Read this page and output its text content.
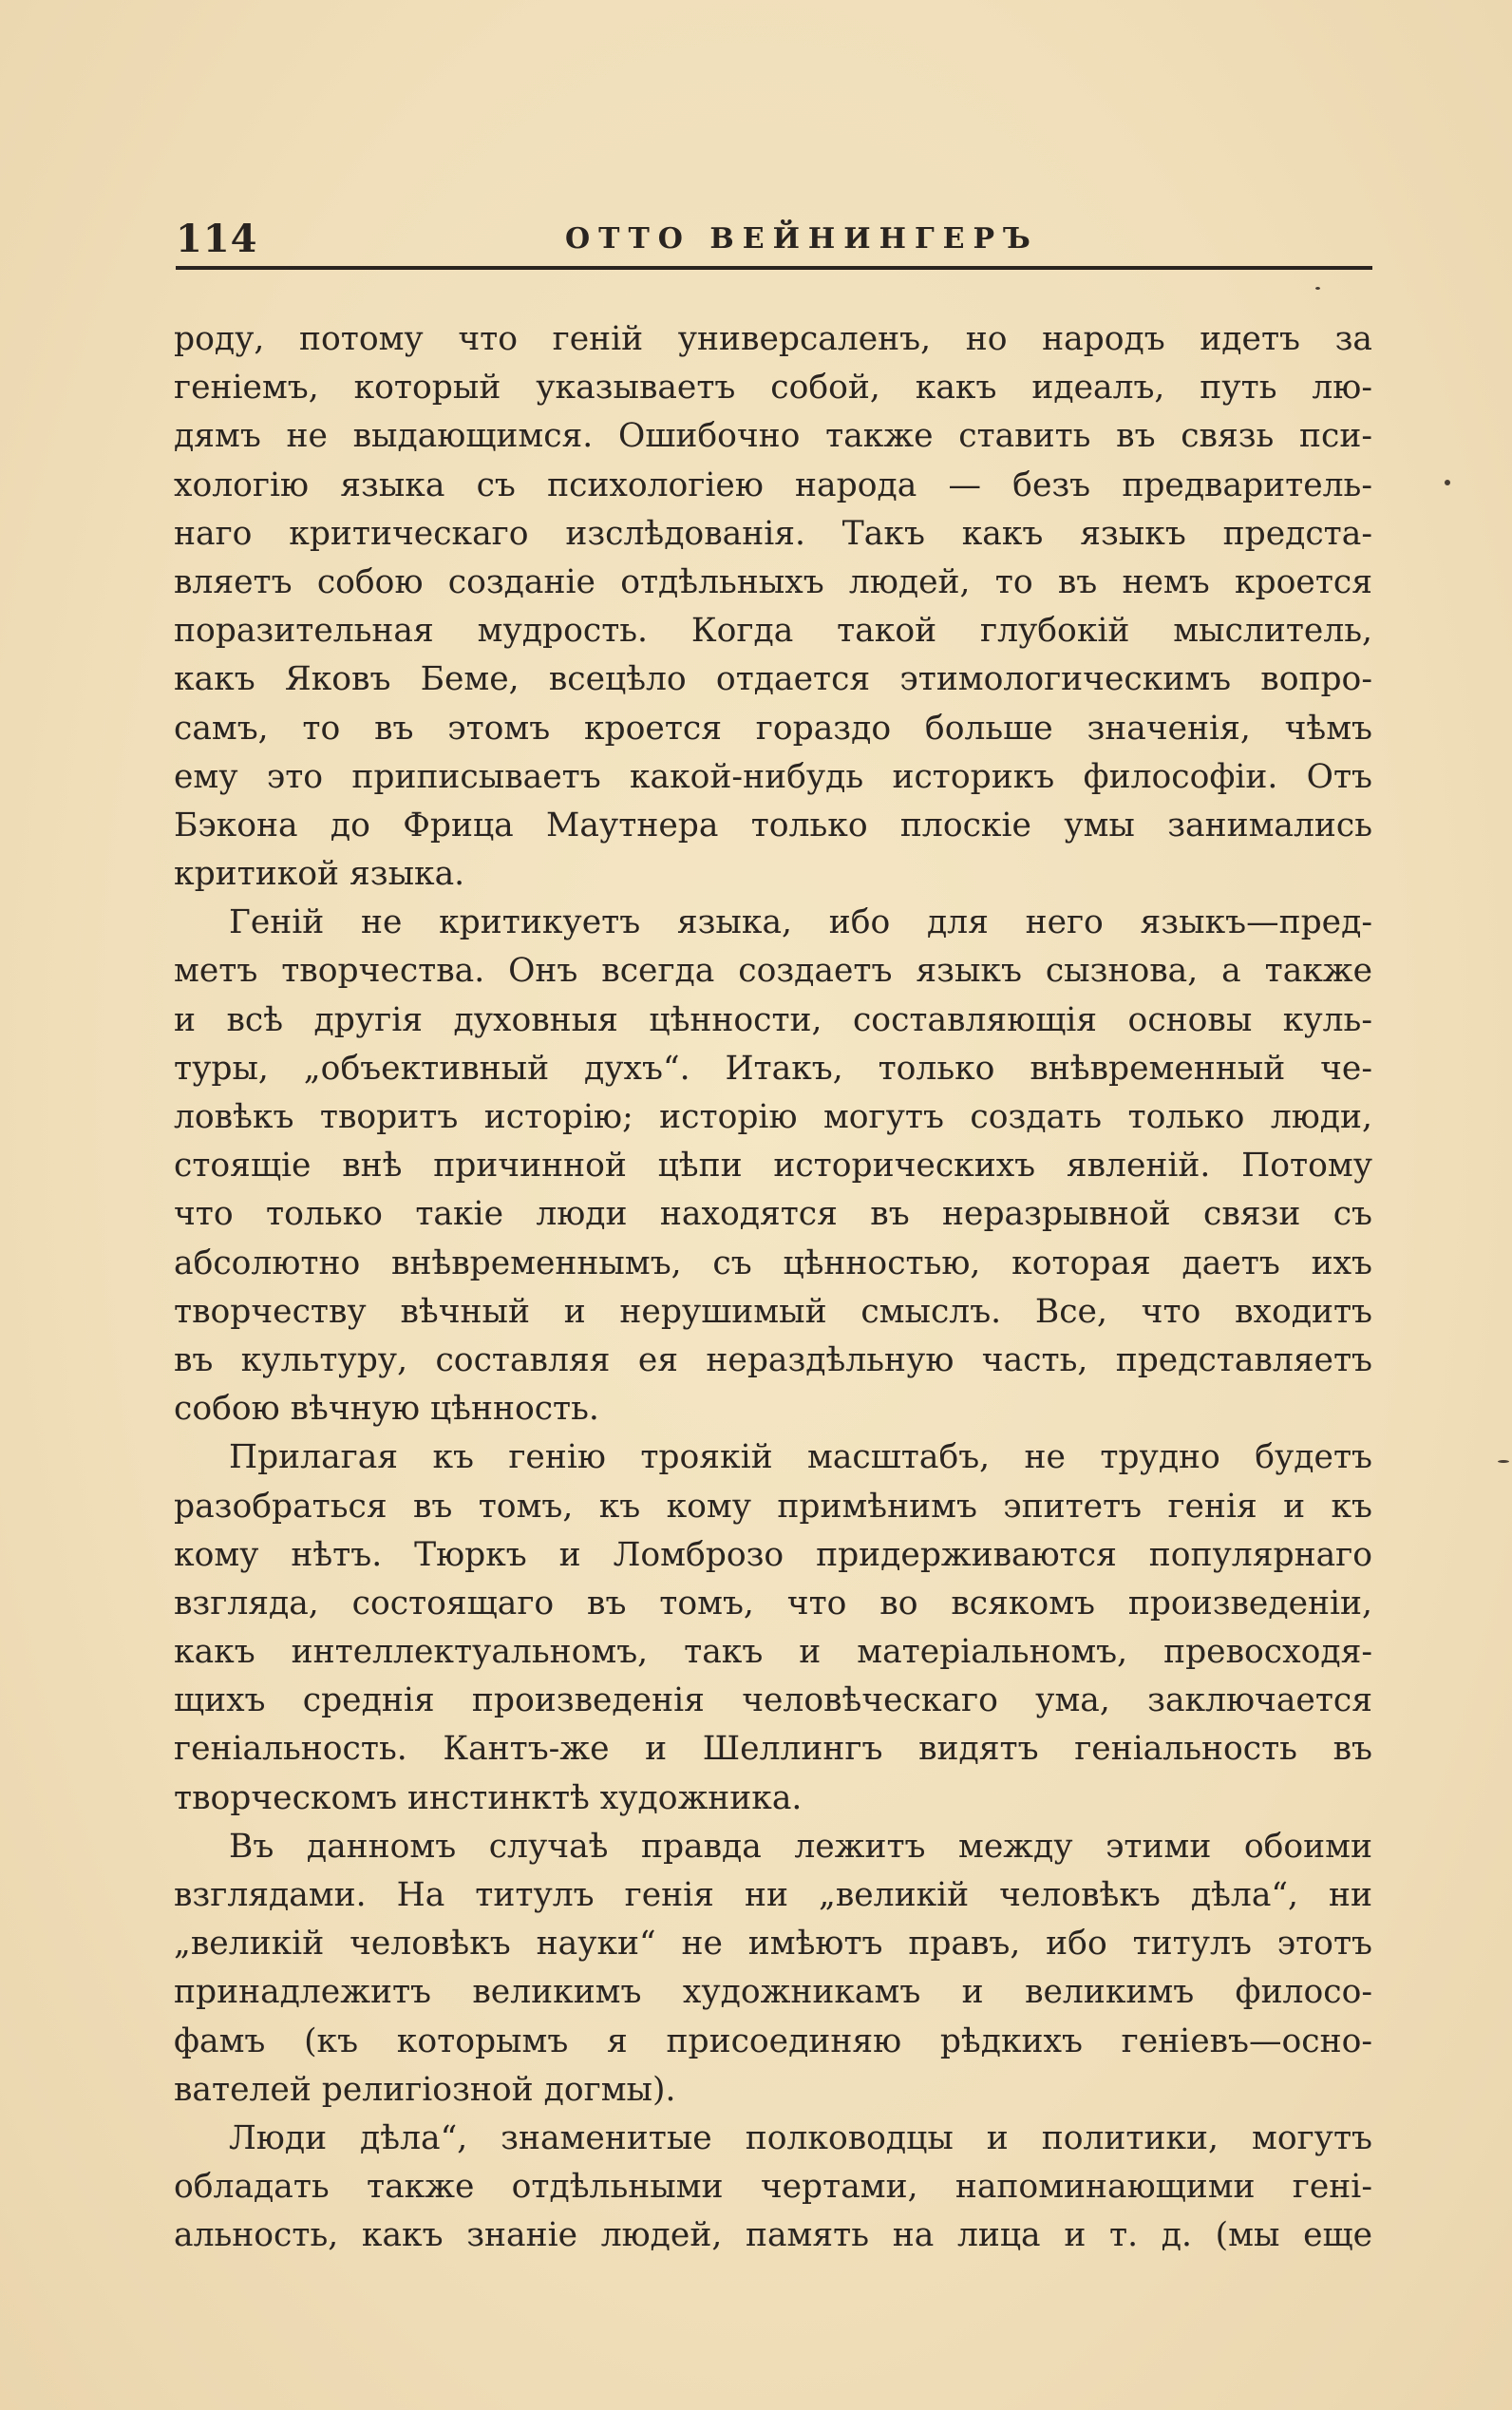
114	ОТТО ВЕЙНИНГЕРЪ
роду, потому что геній универсаленъ, но народъ идетъ за
геніемъ, который указываетъ собой, какъ идеалъ, путь лю-
дямъ не выдающимся. Ошибочно также ставить въ связь пси-
хологію языка съ психологіею народа — безъ предваритель-
наго критическаго изслѣдованія. Такъ какъ языкъ предста-
вляетъ собою созданіе отдѣльныхъ людей, то въ немъ кроется
поразительная мудрость. Когда такой глубокій мыслитель,
какъ Яковъ Беме, всецѣло отдается этимологическимъ вопро-
самъ, то въ этомъ кроется гораздо больше значенія, чѣмъ
ему это приписываетъ какой-нибудь историкъ философіи. Отъ
Бэкона до Фрица Маутнера только плоскіе умы занимались
критикой языка.
Геній не критикуетъ языка, ибо для него языкъ—пред-
метъ творчества. Онъ всегда создаетъ языкъ сызнова, а также
и всѣ другія духовныя цѣнности, составляющія основы куль-
туры, „объективный духъ“. Итакъ, только внѣвременный че-
ловѣкъ творитъ исторію; исторію могутъ создать только люди,
стоящіе внѣ причинной цѣпи историческихъ явленій. Потому
что только такіе люди находятся въ неразрывной связи съ
абсолютно внѣвременнымъ, съ цѣнностью, которая даетъ ихъ
творчеству вѣчный и нерушимый смыслъ. Все, что входитъ
въ культуру, составляя ея нераздѣльную часть, представляетъ
собою вѣчную цѣнность.
Прилагая къ генію троякій масштабъ, не трудно будетъ
разобраться въ томъ, къ кому примѣнимъ эпитетъ генія и къ
кому нѣтъ. Тюркъ и Ломброзо придерживаются популярнаго
взгляда, состоящаго въ томъ, что во всякомъ произведеніи,
какъ интеллектуальномъ, такъ и матеріальномъ, превосходя-
щихъ среднія произведенія человѣческаго ума, заключается
геніальность. Кантъ-же и Шеллингъ видятъ геніальность въ
творческомъ инстинктѣ художника.
Въ данномъ случаѣ правда лежитъ между этими обоими
взглядами. На титулъ генія ни „великій человѣкъ дѣла“, ни
„великій человѣкъ науки“ не имѣютъ правъ, ибо титулъ этотъ
принадлежитъ великимъ художникамъ и великимъ филосо-
фамъ (къ которымъ я присоединяю рѣдкихъ геніевъ—осно-
вателей религіозной догмы).
Люди дѣла“, знаменитые полководцы и политики, могутъ
обладать также отдѣльными чертами, напоминающими гені-
альность, какъ знаніе людей, память на лица и т. д. (мы еще
